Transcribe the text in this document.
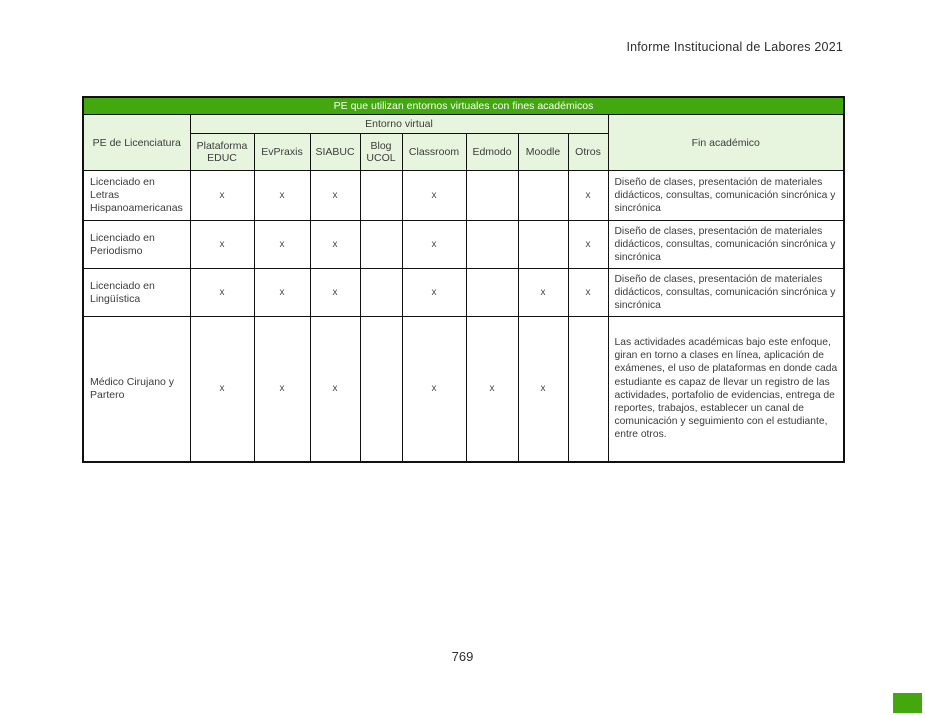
Informe Institucional de Labores 2021
PE que utilizan entornos virtuales con fines académicos									
PE de Licenciatura	Entorno virtual								Fin académico
	Plataforma EDUC	EvPraxis	SIABUC	Blog UCOL	Classroom	Edmodo	Moodle	Otros	
Licenciado en Letras Hispanoamericanas	x	x	x		x			x	Diseño de clases, presentación de materiales didácticos, consultas, comunicación sincrónica y sincrónica
Licenciado en Periodismo	x	x	x		x			x	Diseño de clases, presentación de materiales didácticos, consultas, comunicación sincrónica y sincrónica
Licenciado en Lingüística	x	x	x		x		x	x	Diseño de clases, presentación de materiales didácticos, consultas, comunicación sincrónica y sincrónica
Médico Cirujano y Partero	x	x	x		x	x	x		Las actividades académicas bajo este enfoque, giran en torno a clases en línea, aplicación de exámenes, el uso de plataformas en donde cada estudiante es capaz de llevar un registro de las actividades, portafolio de evidencias, entrega de reportes, trabajos, establecer un canal de comunicación y seguimiento con el estudiante, entre otros.
769
